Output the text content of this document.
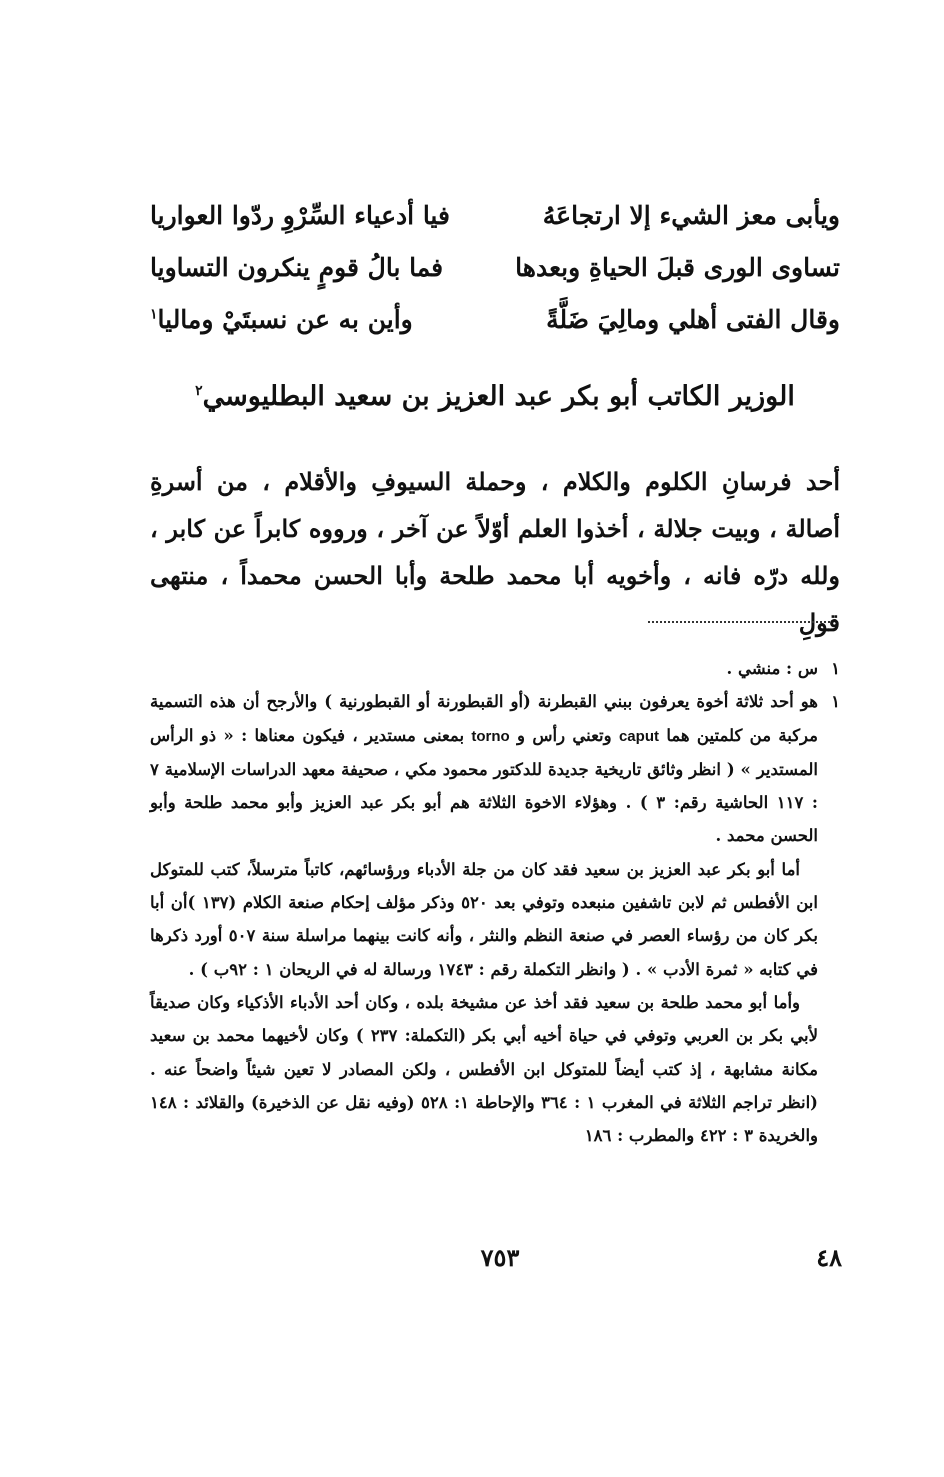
ويأبى معز الشيء إلا ارتجاعَهُ
فيا أدعياء السِّرْوِ ردّوا العواريا
تساوى الورى قبلَ الحياةِ وبعدها
فما بالُ قومٍ ينكرون التساويا
وقال الفتى أهلي ومالِيَ ضَلَّةً
وأين به عن نسبتَيْ وماليا$^١$
الوزير الكاتب أبو بكر عبد العزيز بن سعيد البطليوسي$^٢$

أحد فرسانِ الكلوم والكلام ، وحملة السيوفِ والأقلام ، من أسرةِ أصالة ، وبيت جلالة ، أخذوا العلم أوّلاً عن آخر ، ورووه كابراً عن كابر ، ولله درّه فانه ، وأخويه أبا محمد طلحة وأبا الحسن محمداً ، منتهى قولِ

١
س : منشي .
١
هو أحد ثلاثة أخوة يعرفون ببني القبطرنة (أو القبطورنة أو القبطورنية ) والأرجح أن هذه التسمية مركبة من كلمتين هما caput وتعني رأس و torno بمعنى مستدير ، فيكون معناها : « ذو الرأس المستدير » ( انظر وثائق تاريخية جديدة للدكتور محمود مكي ، صحيفة معهد الدراسات الإسلامية ٧ : ١١٧ الحاشية رقم: ٣ ) . وهؤلاء الاخوة الثلاثة هم أبو بكر عبد العزيز وأبو محمد طلحة وأبو الحسن محمد .

أما أبو بكر عبد العزيز بن سعيد فقد كان من جلة الأدباء ورؤسائهم، كاتباً مترسلاً، كتب للمتوكل ابن الأفطس ثم لابن تاشفين منبعده وتوفي بعد ٥٢٠ وذكر مؤلف إحكام صنعة الكلام (١٣٧ )أن أبا بكر كان من رؤساء العصر في صنعة النظم والنثر ، وأنه كانت بينهما مراسلة سنة ٥٠٧ أورد ذكرها في كتابه « ثمرة الأدب » . ( وانظر التكملة رقم : ١٧٤٣ ورسالة له في الريحان ١ : ٩٢ب ) .

وأما أبو محمد طلحة بن سعيد فقد أخذ عن مشيخة بلده ، وكان أحد الأدباء الأذكياء وكان صديقاً لأبي بكر بن العربي وتوفي في حياة أخيه أبي بكر (التكملة: ٢٣٧ ) وكان لأخيهما محمد بن سعيد مكانة مشابهة ، إذ كتب أيضاً للمتوكل ابن الأفطس ، ولكن المصادر لا تعين شيئاً واضحاً عنه . (انظر تراجم الثلاثة في المغرب ١ : ٣٦٤ والإحاطة ١: ٥٢٨ (وفيه نقل عن الذخيرة) والقلائد : ١٤٨ والخريدة ٣ : ٤٢٢ والمطرب : ١٨٦

٤٨
٧٥٣
